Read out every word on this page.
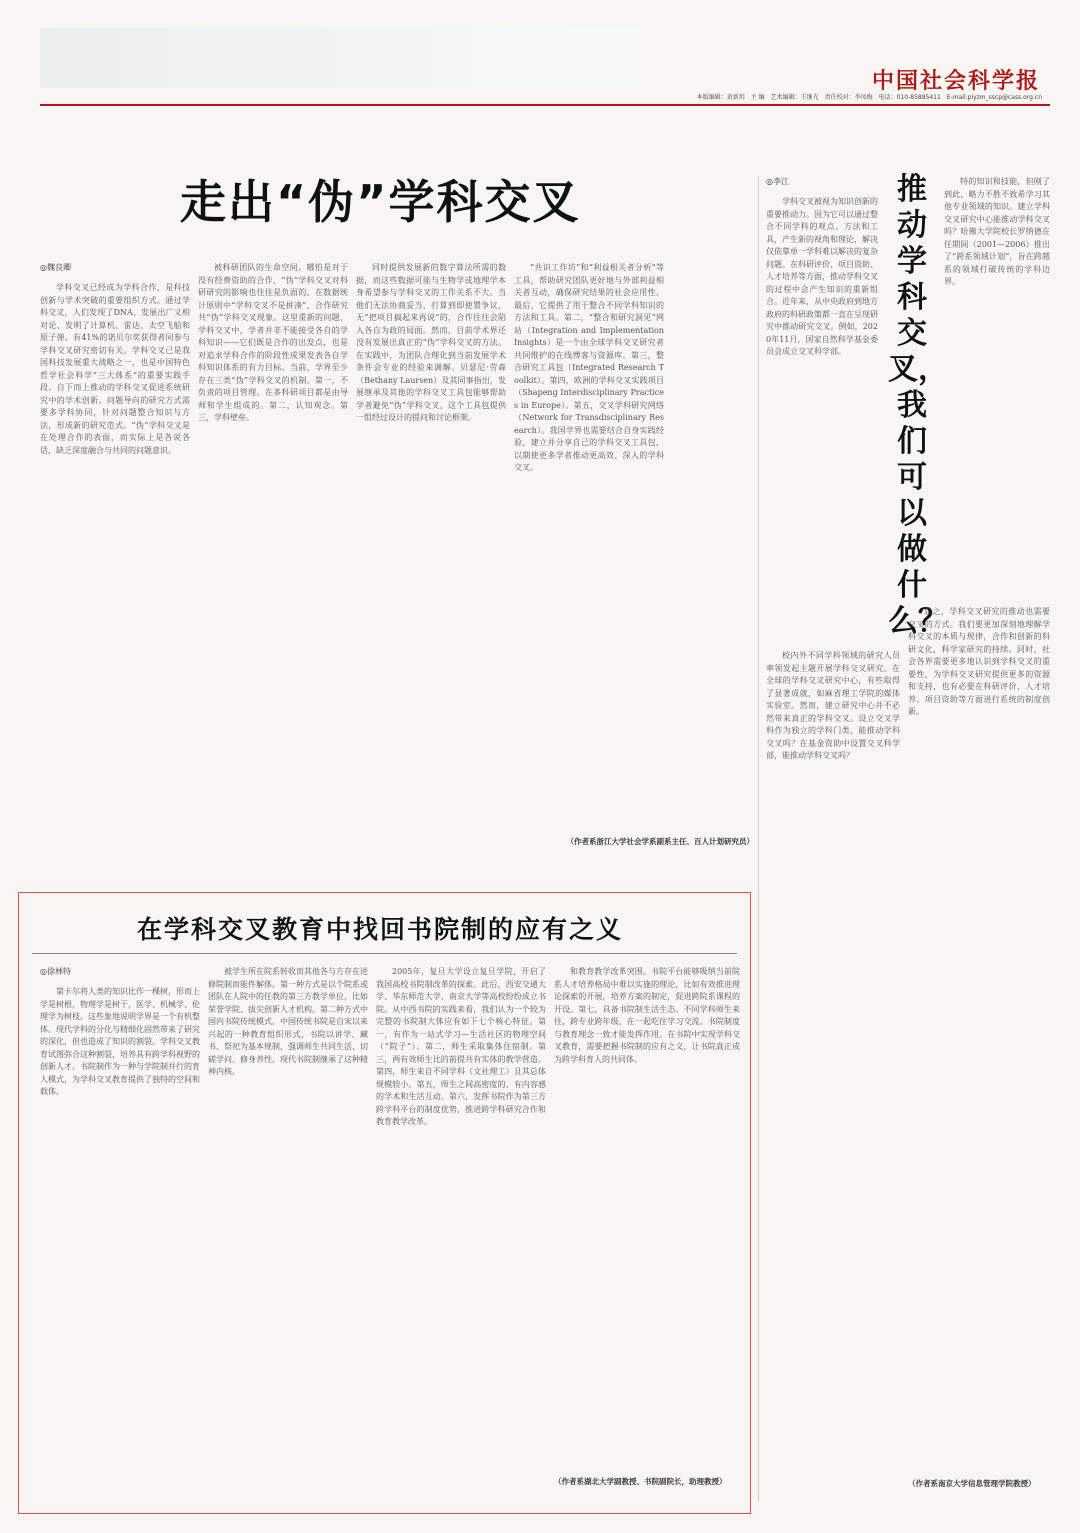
中国社会科学报
本版编辑：黄新玥　主 编　艺术编辑：王继光　责任校对：李凤梅　电话：010-85885411　E-mail:piyzm_sscp@cass.org.cn
走出“伪”学科交叉
◎魏良卿

学科交叉已经成为学科合作，是科技创新与学术突破的重要组织方式。通过学科交叉，人们发现了DNA、发展出广义相对论、发明了计算机、雷达、太空飞船和原子弹。有41%的诺贝尔奖获得者同参与学科交叉研究密切有关。学科交叉已是我国科技发展重大战略之一，也是中国特色哲学社会科学“三大体系”的重要实践手段。自下而上推动的学科交叉促进系统研究中的学术创新。问题导向的研究方式需要多学科协同，针对问题整合知识与方法，形成新的研究范式。“伪”学科交叉是在处理合作的表面，而实际上是各说各话，缺乏深度融合与共同的问题意识。

被科研团队的生命空间。哪怕是对于没有经费资助的合作，“伪”学科交叉对科研研究的影响也往往是负面的。在数据统计原则中“学科交叉不是拼凑”，合作研究共“伪”学科交叉现象。这里重新的问题，学科交叉中，学者并非不能接受各自的学科知识——它们既是合作的出发点，也是对追求学科合作的阶段性成果发表各自学科知识体系的有力目标。当前，学界至少存在三类“伪”学科交叉的机制。第一，不负责的项目管理。在多科研项目都是由导师和学生组成的。第二，认知观念。第三，学科壁垒。

同时提供发展新的数字算法所需的数据，而这些数据可能与生物学或地理学本身希望参与学科交叉的工作关系不大。当他们无法协商妥当，打算到即使置争议，无“把项目搞起来再说”的，合作往往会陷入各自为政的局面。然而，目前学术界还没有发展出真正的“伪”学科交叉的方法。在实践中，为团队合理化到当前发展学术条件会专业的经验来调解。贝瑟尼·劳森（Bethany Laursen）及其同事指出，发展继承及其他的学科交叉工具包能够帮助学者避免“伪”学科交叉。这个工具包提供一组经过设计的提问和讨论框架。

“共识工作坊”和“利益相关者分析”等工具，帮助研究团队更好地与外部利益相关者互动，确保研究结果的社会应用性。最后，它提供了用于整合不同学科知识的方法和工具。第二，“整合和研究洞见”网站（Integration and Implementation Insights）是一个由全球学科交叉研究者共同维护的在线博客与资源库。第三，整合研究工具包（Integrated Research Toolkit）。第四，欧洲的学科交叉实践项目（Shapeng Interdisciplinary Practices in Europe）。第五，交叉学科研究网络（Network for Transdisciplinary Research）。我国学界也需要结合自身实践经验，建立并分享自己的学科交叉工具包，以期使更多学者推动更高效、深入的学科交叉。

（作者系浙江大学社会学系副系主任、百人计划研究员）
◎李江	推动学科交叉，我们可以做什么？

学科交叉被视为知识创新的重要推动力。因为它可以通过整合不同学科的观点、方法和工具，产生新的视角和理论，解决仅依靠单一学科难以解决的复杂问题。在科研评价、项目资助、人才培养等方面，推动学科交叉的过程中会产生知识的重新组合。近年来，从中央政府到地方政府的科研政策都一直在呈现研究中推动研究交叉。例如，2020年11月，国家自然科学基金委员会成立交叉科学部。

特的知识和技能，但刚了到此，略力不胜不致希学习其他专业领域的知识。建立学科交叉研究中心能推动学科交叉吗？哈佛大学院校长罗纳德在任期间（2001—2006）推出了“跨系领域计划”，旨在跨越系的领域打破传统的学科边界。

校内外不同学科领域的研究人员率领发起主题开展学科交叉研究。在全球的学科交叉研究中心，有些取得了显著成就，如麻省理工学院的媒体实验室。然而，建立研究中心并不必然带来真正的学科交叉。设立交叉学科作为独立的学科门类，能推动学科交叉吗？在基金资助中设置交叉科学部，能推动学科交叉吗？

总之，学科交叉研究的推动也需要交叉的方式。我们要更加深刻地理解学科交叉的本质与规律，合作和创新的科研文化，科学家研究的持续。同时，社会各界需要更多地认识到学科交叉的重要性，为学科交叉研究提供更多的资源和支持，也有必要在科研评价、人才培养、项目资助等方面进行系统的制度创新。

（作者系南京大学信息管理学院教授）
在学科交叉教育中找回书院制的应有之义
◎徐林特

第卡尔将人类的知识比作一棵树，形而上学是树根，物理学是树干，医学、机械学、伦理学为树枝。这些象地说明学界是一个有机整体。现代学科的分化与精细化固然带来了研究的深化，但也造成了知识的割裂。学科交叉教育试图弥合这种割裂，培养具有跨学科视野的创新人才。书院制作为一种与学院制并行的育人模式，为学科交叉教育提供了独特的空间和载体。

被学生所在院系转收而其他各与方存在进修院制而能件解体。第一种方式是以个院系或团队在人院中的任教的第三方教学单位，比如荣誉学院、拔尖创新人才机构。第二种方式中国内书院传统模式。中国传统书院是自宋以来兴起的一种教育组织形式，书院以讲学、藏书、祭祀为基本规制，强调师生共同生活、切磋学问、修身养性。现代书院制继承了这种精神内核。

2005年，复旦大学设立复旦学院，开启了我国高校书院制改革的探索。此后，西安交通大学、华东师范大学、南京大学等高校纷纷成立书院。从中西书院的实践来看，我们认为一个较为完整的书院制大体应有如下七个核心特征。第一，有作为一站式学习—生活社区的物理空间（“院子”）。第二，师生采取集体住宿制。第三，两有效师生比的前提共有实体的教学营造。第四，师生来自不同学科（文社理工）且其总体规模较小。第五，师生之间高密度的、有内容感的学术和生活互动。第六，发挥书院作为第三方跨学科平台的制度优势，推进跨学科研究合作和教育教学改革。

和教育教学改革突围。书院平台能够吸纳当前院系人才培养格局中难以实施的理论，比如有效推进理论探索的开展，培养方案的制定，促进跨院系课程的开设。第七，具备书院制生活生态。不同学科师生来往，跨专业跨年级，在一起吃住学习交流。书院制度与教育理念一致才能发挥作用。在书院中实现学科交叉教育，需要把握书院制的应有之义，让书院真正成为跨学科育人的共同体。

（作者系湖北大学副教授、书院副院长，助理教授）
